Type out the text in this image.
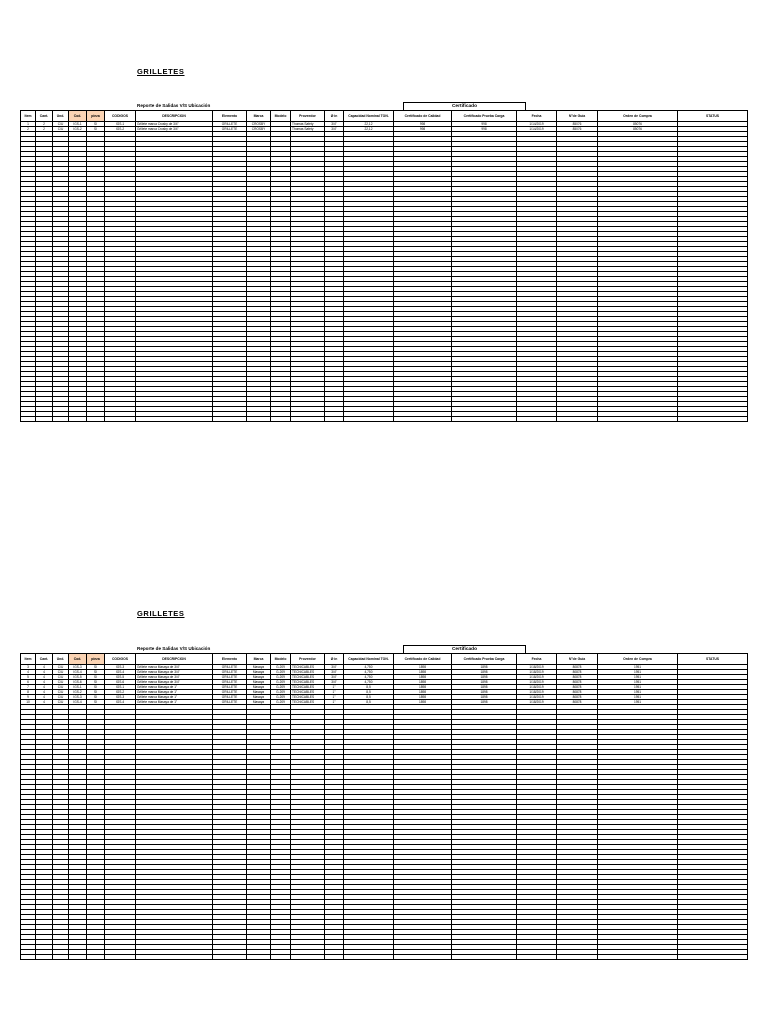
GRILLETES
Reporte de Salidas V/S Ubicación	Certificado
Item	Cant.	Und.	Cod.	pieza	CODIGOS	DESCRIPCION	Elemento	Marca	Modelo	Proveedor	Ø in	Capacidad Nominal TON.	Certificado de Calidad	Certificado Prueba Carga	Fecha	N°de Guía	Orden de Compra	STATUS
1	2	C/U	IGS-1	SI	IGS-1	Grillete marca Crosby de 3/4"	GRILLETE	CROSBY		Thomas Safety	3/4"	22,12	998	998	1/14/2019	85076	85076	
2	2	C/U	IGS-2	SI	IGS-2	Grillete marca Crosby de 3/4"	GRILLETE	CROSBY		Thomas Safety	3/4"	22,12	998	998	1/14/2019	85076	85076	

GRILLETES
Reporte de Salidas V/S Ubicación	Certificado
Item	Cant.	Und.	Cod.	pieza	CODIGOS	DESCRIPCION	Elemento	Marca	Modelo	Proveedor	Ø in	Capacidad Nominal TON.	Certificado de Calidad	Certificado Prueba Carga	Fecha	N°de Guía	Orden de Compra	STATUS
3	4	C/U	IGS-3	SI	IGS-3	Grillete marca Masaya de 3/4"	GRILLETE	Masaya	G-209	TECNICABLES	3/4"	4,750	1898	1898	1/18/2019	80878	1951	
4	4	C/U	IGS-4	SI	IGS-4	Grillete marca Masaya de 3/4"	GRILLETE	Masaya	G-209	TECNICABLES	3/4"	4,750	1898	1898	1/18/2019	80878	1951	
5	4	C/U	IGS-5	SI	IGS-5	Grillete marca Masaya de 3/4"	GRILLETE	Masaya	G-209	TECNICABLES	3/4"	4,750	1898	1898	1/18/2019	80878	1951	
6	4	C/U	IGS-6	SI	IGS-6	Grillete marca Masaya de 3/4"	GRILLETE	Masaya	G-209	TECNICABLES	3/4"	4,750	1898	1898	1/18/2019	80878	1951	
7	4	C/U	IGS-1	SI	IGS-1	Grillete marca Masaya de 1"	GRILLETE	Masaya	G-209	TECNICABLES	1"	8,5	1898	1898	1/18/2019	80878	1951	
8	4	C/U	IGS-2	SI	IGS-2	Grillete marca Masaya de 1"	GRILLETE	Masaya	G-209	TECNICABLES	1"	8,5	1898	1898	1/18/2019	80878	1951	
9	4	C/U	IGS-3	SI	IGS-3	Grillete marca Masaya de 1"	GRILLETE	Masaya	G-209	TECNICABLES	1"	8,5	1898	1898	1/18/2019	80878	1951	
10	4	C/U	IGS-4	SI	IGS-4	Grillete marca Masaya de 1"	GRILLETE	Masaya	G-209	TECNICABLES	1"	8,5	1898	1898	1/18/2019	80878	1951	
